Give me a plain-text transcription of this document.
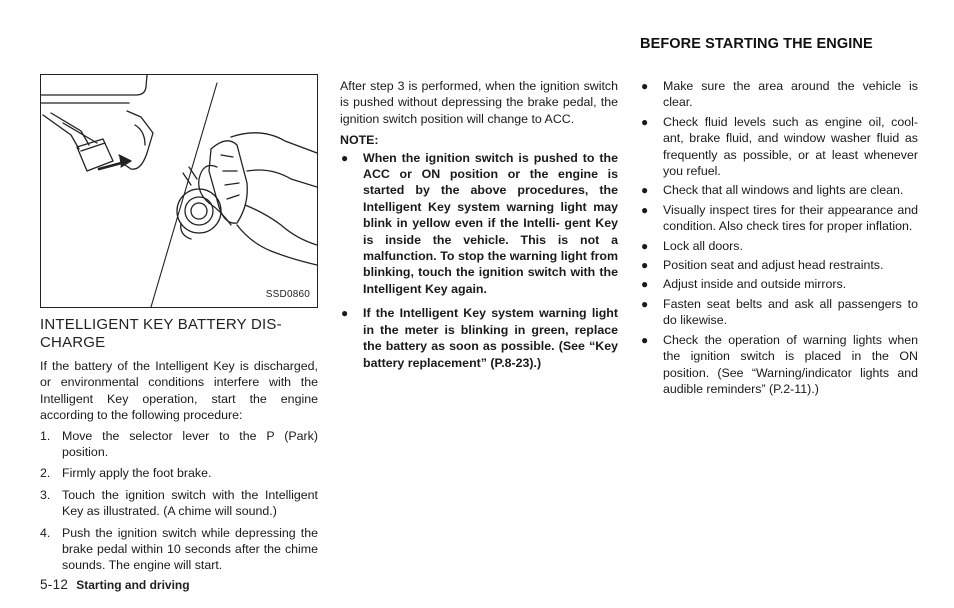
BEFORE STARTING THE ENGINE
SSD0860
INTELLIGENT KEY BATTERY DIS-
CHARGE
If the battery of the Intelligent Key is discharged, or environmental conditions interfere with the Intelligent Key operation, start the engine according to the following procedure:
1. Move the selector lever to the P (Park) position.
2. Firmly apply the foot brake.
3. Touch the ignition switch with the Intelligent Key as illustrated. (A chime will sound.)
4. Push the ignition switch while depressing the brake pedal within 10 seconds after the chime sounds. The engine will start.
After step 3 is performed, when the ignition switch is pushed without depressing the brake pedal, the ignition switch position will change to ACC.
NOTE:
● When the ignition switch is pushed to the ACC or ON position or the engine is started by the above procedures, the Intelligent Key system warning light may blink in yellow even if the Intelli- gent Key is inside the vehicle. This is not a malfunction. To stop the warning light from blinking, touch the ignition switch with the Intelligent Key again.
● If the Intelligent Key system warning light in the meter is blinking in green, replace the battery as soon as possible. (See “Key battery replacement” (P.8-23).)
● Make sure the area around the vehicle is clear.
● Check fluid levels such as engine oil, cool- ant, brake fluid, and window washer fluid as frequently as possible, or at least whenever you refuel.
● Check that all windows and lights are clean.
● Visually inspect tires for their appearance and condition. Also check tires for proper inflation.
● Lock all doors.
● Position seat and adjust head restraints.
● Adjust inside and outside mirrors.
● Fasten seat belts and ask all passengers to do likewise.
● Check the operation of warning lights when the ignition switch is placed in the ON position. (See “Warning/indicator lights and audible reminders” (P.2-11).)
5-12 Starting and driving
